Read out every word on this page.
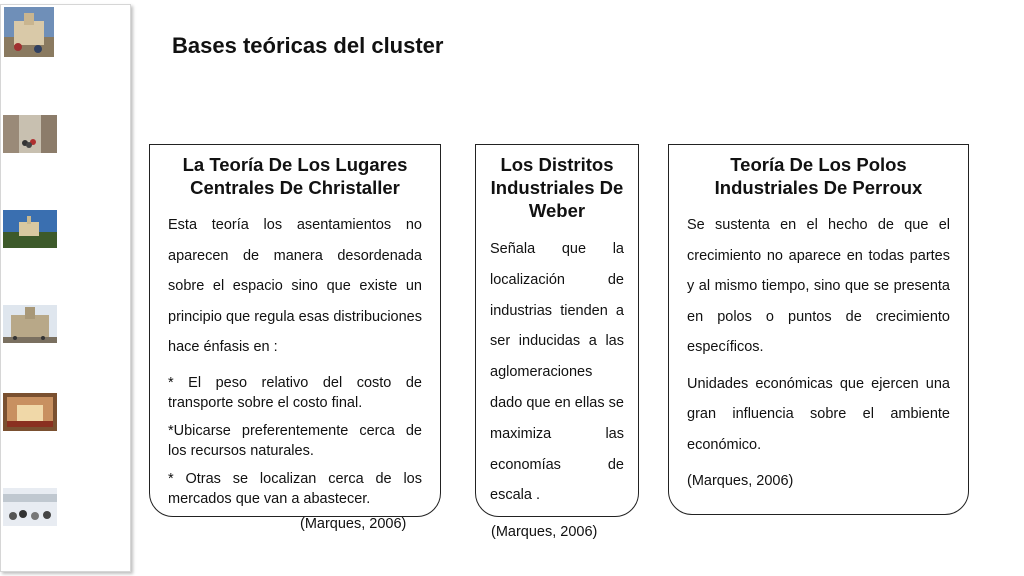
Bases teóricas del cluster
La Teoría De Los Lugares Centrales De Christaller
Esta teoría los asentamientos no aparecen de manera desordenada sobre el espacio sino que existe un principio que regula esas distribuciones hace énfasis en :
* El peso relativo del costo de transporte sobre el costo final.
*Ubicarse preferentemente cerca de los recursos naturales.
* Otras se localizan cerca de los mercados que van a abastecer.
(Marques, 2006)
Los Distritos Industriales De Weber
Señala que la localización de industrias tienden a ser inducidas a las aglomeraciones dado que en ellas se maximiza las economías de escala .
(Marques, 2006)
Teoría De Los Polos Industriales De Perroux
Se sustenta en el hecho de que el crecimiento no aparece en todas partes y al mismo tiempo, sino que se presenta en polos o puntos de crecimiento específicos.
Unidades económicas que ejercen una gran influencia sobre el ambiente económico.
(Marques, 2006)
